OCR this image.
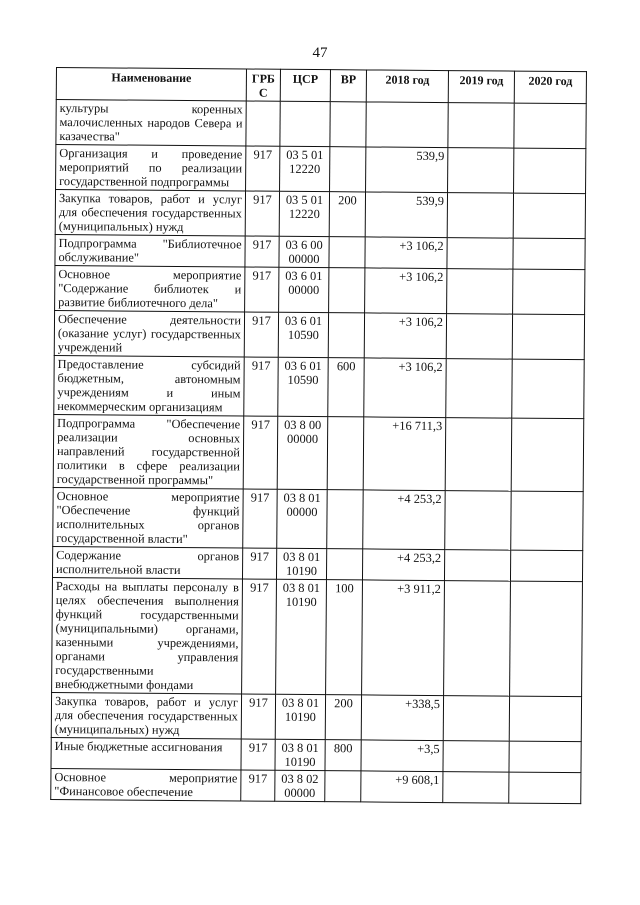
47
Наименование	ГРБ С	ЦСР	ВР	2018 год	2019 год	2020 год
культуры коренных малочисленных народов Севера и казачества"						
Организация и проведение мероприятий по реализации государственной подпрограммы	917	03 5 01 12220		539,9		
Закупка товаров, работ и услуг для обеспечения государственных (муниципальных) нужд	917	03 5 01 12220	200	539,9		
Подпрограмма "Библиотечное обслуживание"	917	03 6 00 00000		+3 106,2		
Основное мероприятие "Содержание библиотек и развитие библиотечного дела"	917	03 6 01 00000		+3 106,2		
Обеспечение деятельности (оказание услуг) государственных учреждений	917	03 6 01 10590		+3 106,2		
Предоставление субсидий бюджетным, автономным учреждениям и иным некоммерческим организациям	917	03 6 01 10590	600	+3 106,2		
Подпрограмма "Обеспечение реализации основных направлений государственной политики в сфере реализации государственной программы"	917	03 8 00 00000		+16 711,3		
Основное мероприятие "Обеспечение функций исполнительных органов государственной власти"	917	03 8 01 00000		+4 253,2		
Содержание органов исполнительной власти	917	03 8 01 10190		+4 253,2		
Расходы на выплаты персоналу в целях обеспечения выполнения функций государственными (муниципальными) органами, казенными учреждениями, органами управления государственными внебюджетными фондами	917	03 8 01 10190	100	+3 911,2		
Закупка товаров, работ и услуг для обеспечения государственных (муниципальных) нужд	917	03 8 01 10190	200	+338,5		
Иные бюджетные ассигнования	917	03 8 01 10190	800	+3,5		
Основное мероприятие "Финансовое обеспечение	917	03 8 02 00000		+9 608,1		
